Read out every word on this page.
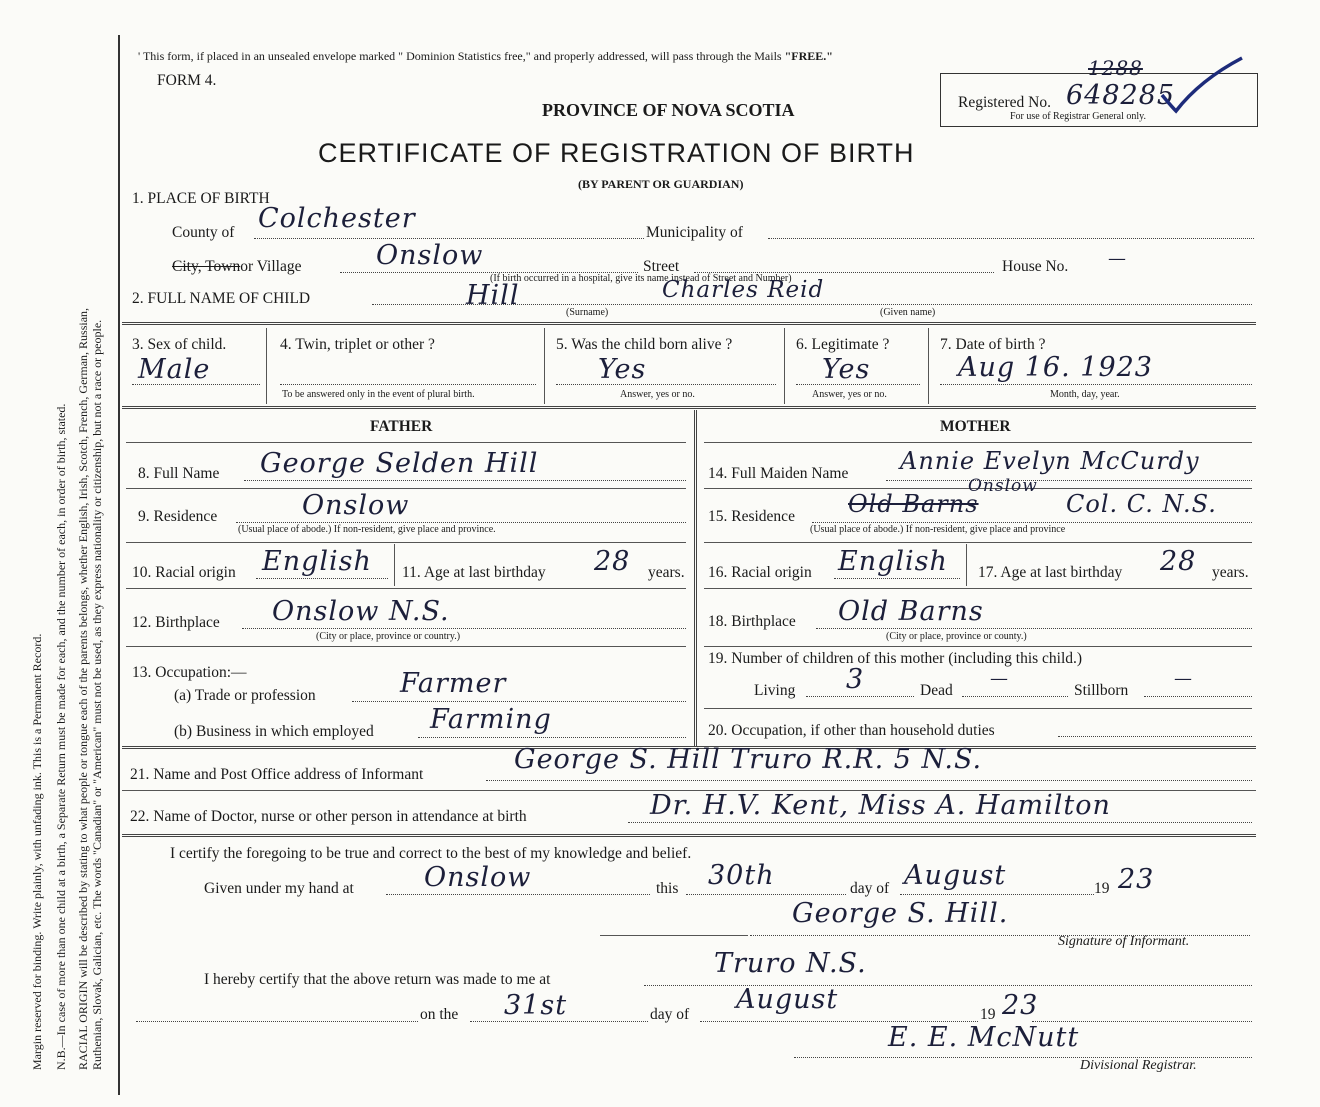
Margin reserved for binding. Write plainly, with unfading ink. This is a Permanent Record. N.B.—In case of more than one child at a birth, a Separate Return must be made for each, and the number of each, in order of birth, stated. RACIAL ORIGIN will be described by stating to what people or tongue each of the parents belongs, whether English, Irish, Scotch, French, German, Russian, Ruthenian, Slovak, Galician, etc. The words "Canadian" or "American" must not be used, as they express nationality or citizenship, but not a race or people.
' This form, if placed in an unsealed envelope marked " Dominion Statistics free," and properly addressed, will pass through the Mails "FREE."
FORM 4.
PROVINCE OF NOVA SCOTIA
CERTIFICATE OF REGISTRATION OF BIRTH
(BY PARENT OR GUARDIAN)
Registered No.
1288
648285
For use of Registrar General only.
1. PLACE OF BIRTH
County of Colchester	Municipality of
City, Townor Village	Onslow	Street	House No. —
(If birth occurred in a hospital, give its name instead of Street and Number)
2. FULL NAME OF CHILD	Hill	Charles Reid
(Surname)	(Given name)
3. Sex of child.
Male
4. Twin, triplet or other ?
To be answered only in the event of plural birth.
5. Was the child born alive ?
Yes
Answer, yes or no.
6. Legitimate ?
Yes
Answer, yes or no.
7. Date of birth ?
Aug 16. 1923
Month, day, year.
FATHER	MOTHER
8. Full Name George Selden Hill
9. Residence	Onslow
(Usual place of abode.) If non-resident, give place and province.
10. Racial origin English 11. Age at last birthday 28 years.
12. Birthplace Onslow N.S.
(City or place, province or country.)
13. Occupation:—
(a) Trade or profession	Farmer
(b) Business in which employed Farming
14. Full Maiden Name Annie Evelyn McCurdy
15. Residence Old Barns
Onslow
Col. C. N.S.
(Usual place of abode.) If non-resident, give place and province
16. Racial origin English 17. Age at last birthday 28 years.
18. Birthplace Old Barns
(City or place, province or county.)
19. Number of children of this mother (including this child.)
Living 3	Dead
—
Stillborn
—
20. Occupation, if other than household duties
21. Name and Post Office address of Informant	George S. Hill Truro R.R. 5 N.S.
22. Name of Doctor, nurse or other person in attendance at birth	Dr. H.V. Kent, Miss A. Hamilton
I certify the foregoing to be true and correct to the best of my knowledge and belief.
Given under my hand at	Onslow	this 30th	day of August	19 23
George S. Hill.
Signature of Informant.
I hereby certify that the above return was made to me at
Truro N.S.
on the 31st	day of August	19 23
E. E. McNutt
Divisional Registrar.
